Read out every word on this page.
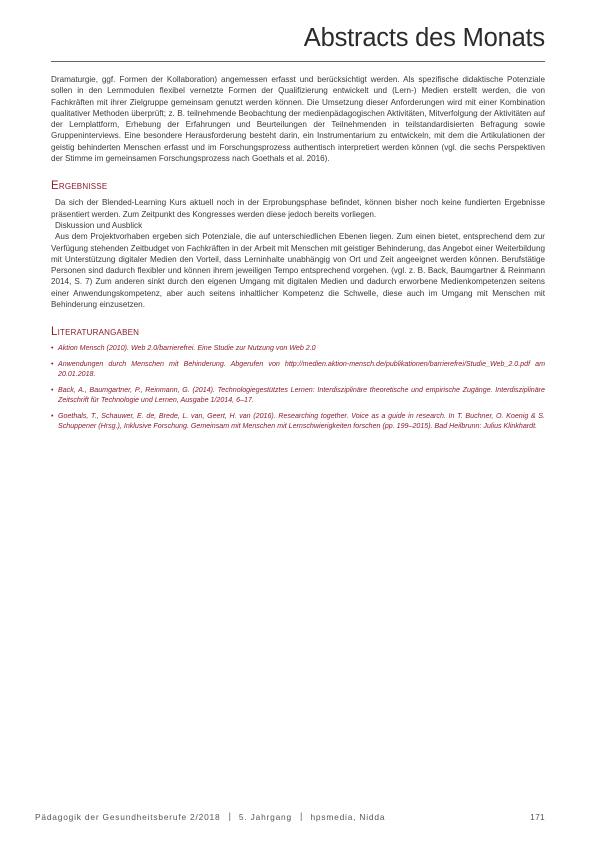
Abstracts des Monats

Dramaturgie, ggf. Formen der Kollaboration) angemessen erfasst und berücksichtigt werden. Als spezifische didaktische Potenziale sollen in den Lernmodulen flexibel vernetzte Formen der Qualifizierung entwickelt und (Lern-) Medien erstellt werden, die von Fachkräften mit ihrer Zielgruppe gemeinsam genutzt werden können. Die Umsetzung dieser Anforderungen wird mit einer Kombination qualitativer Methoden überprüft; z. B. teilnehmende Beobachtung der medienpädagogischen Aktivitäten, Mitverfolgung der Aktivitäten auf der Lernplattform, Erhebung der Erfahrungen und Beurteilungen der Teilnehmenden in teilstandardisierten Befragung sowie Gruppeninterviews. Eine besondere Herausforderung besteht darin, ein Instrumentarium zu entwickeln, mit dem die Artikulationen der geistig behinderten Menschen erfasst und im Forschungsprozess authentisch interpretiert werden können (vgl. die sechs Perspektiven der Stimme im gemeinsamen Forschungsprozess nach Goethals et al. 2016).

Ergebnisse

Da sich der Blended-Learning Kurs aktuell noch in der Erprobungsphase befindet, können bisher noch keine fundierten Ergebnisse präsentiert werden. Zum Zeitpunkt des Kongresses werden diese jedoch bereits vorliegen.

Diskussion und Ausblick

Aus dem Projektvorhaben ergeben sich Potenziale, die auf unterschiedlichen Ebenen liegen. Zum einen bietet, entsprechend dem zur Verfügung stehenden Zeitbudget von Fachkräften in der Arbeit mit Menschen mit geistiger Behinderung, das Angebot einer Weiterbildung mit Unterstützung digitaler Medien den Vorteil, dass Lerninhalte unabhängig von Ort und Zeit angeeignet werden können. Berufstätige Personen sind dadurch flexibler und können ihrem jeweiligen Tempo entsprechend vorgehen. (vgl. z. B. Back, Baumgartner & Reinmann 2014, S. 7) Zum anderen sinkt durch den eigenen Umgang mit digitalen Medien und dadurch erworbene Medienkompetenzen seitens einer Anwendungskompetenz, aber auch seitens inhaltlicher Kompetenz die Schwelle, diese auch im Umgang mit Menschen mit Behinderung einzusetzen.

Literaturangaben
• Aktion Mensch (2010). Web 2.0/barrierefrei. Eine Studie zur Nutzung von Web 2.0
• Anwendungen durch Menschen mit Behinderung. Abgerufen von http://medien.aktion-mensch.de/publikationen/barrierefrei/Studie_Web_2.0.pdf am 20.01.2018.
• Back, A., Baumgartner, P., Reinmann, G. (2014). Technologiegestütztes Lernen: Interdisziplinäre theoretische und empirische Zugänge. Interdisziplinäre Zeitschrift für Technologie und Lernen, Ausgabe 1/2014, 6–17.
• Goethals, T., Schauwer, E. de, Brede, L. van, Geert, H. van (2016). Researching together. Voice as a guide in research. In T. Buchner, O. Koenig & S. Schuppener (Hrsg.), Inklusive Forschung. Gemeinsam mit Menschen mit Lernschwierigkeiten forschen (pp. 199–2015). Bad Heilbrunn: Julius Klinkhardt.
Pädagogik der Gesundheitsberufe 2/2018 | 5. Jahrgang | hpsmedia, Nidda	171
